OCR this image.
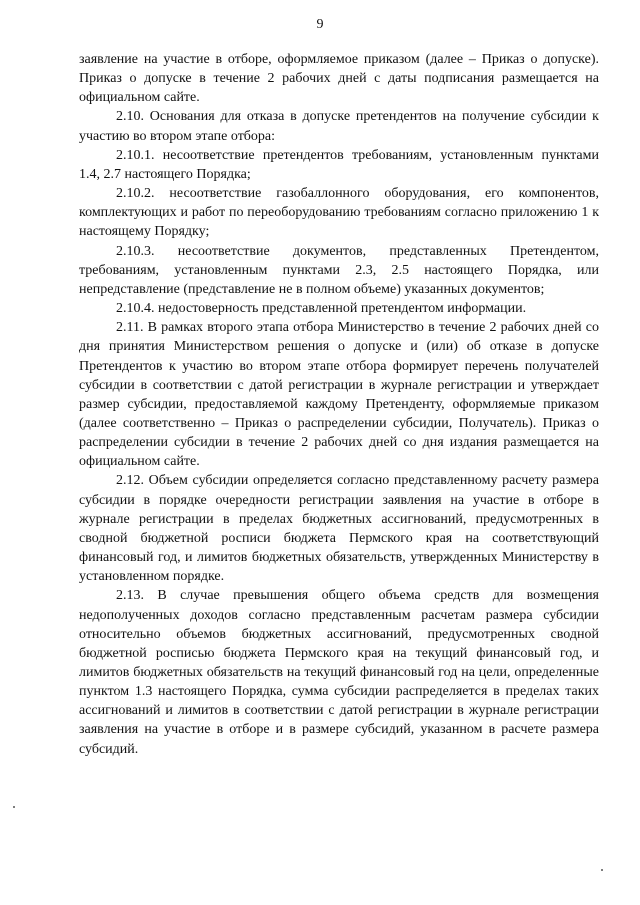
9

заявление на участие в отборе, оформляемое приказом (далее – Приказ о допуске). Приказ о допуске в течение 2 рабочих дней с даты подписания размещается на официальном сайте.

2.10. Основания для отказа в допуске претендентов на получение субсидии к участию во втором этапе отбора:

2.10.1. несоответствие претендентов требованиям, установленным пунктами 1.4, 2.7 настоящего Порядка;

2.10.2. несоответствие газобаллонного оборудования, его компонентов, комплектующих и работ по переоборудованию требованиям согласно приложению 1 к настоящему Порядку;

2.10.3. несоответствие документов, представленных Претендентом, требованиям, установленным пунктами 2.3, 2.5 настоящего Порядка, или непредставление (представление не в полном объеме) указанных документов;

2.10.4. недостоверность представленной претендентом информации.

2.11. В рамках второго этапа отбора Министерство в течение 2 рабочих дней со дня принятия Министерством решения о допуске и (или) об отказе в допуске Претендентов к участию во втором этапе отбора формирует перечень получателей субсидии в соответствии с датой регистрации в журнале регистрации и утверждает размер субсидии, предоставляемой каждому Претенденту, оформляемые приказом (далее соответственно – Приказ о распределении субсидии, Получатель). Приказ о распределении субсидии в течение 2 рабочих дней со дня издания размещается на официальном сайте.

2.12. Объем субсидии определяется согласно представленному расчету размера субсидии в порядке очередности регистрации заявления на участие в отборе в журнале регистрации в пределах бюджетных ассигнований, предусмотренных в сводной бюджетной росписи бюджета Пермского края на соответствующий финансовый год, и лимитов бюджетных обязательств, утвержденных Министерству в установленном порядке.

2.13. В случае превышения общего объема средств для возмещения недополученных доходов согласно представленным расчетам размера субсидии относительно объемов бюджетных ассигнований, предусмотренных сводной бюджетной росписью бюджета Пермского края на текущий финансовый год, и лимитов бюджетных обязательств на текущий финансовый год на цели, определенные пунктом 1.3 настоящего Порядка, сумма субсидии распределяется в пределах таких ассигнований и лимитов в соответствии с датой регистрации в журнале регистрации заявления на участие в отборе и в размере субсидий, указанном в расчете размера субсидий.
